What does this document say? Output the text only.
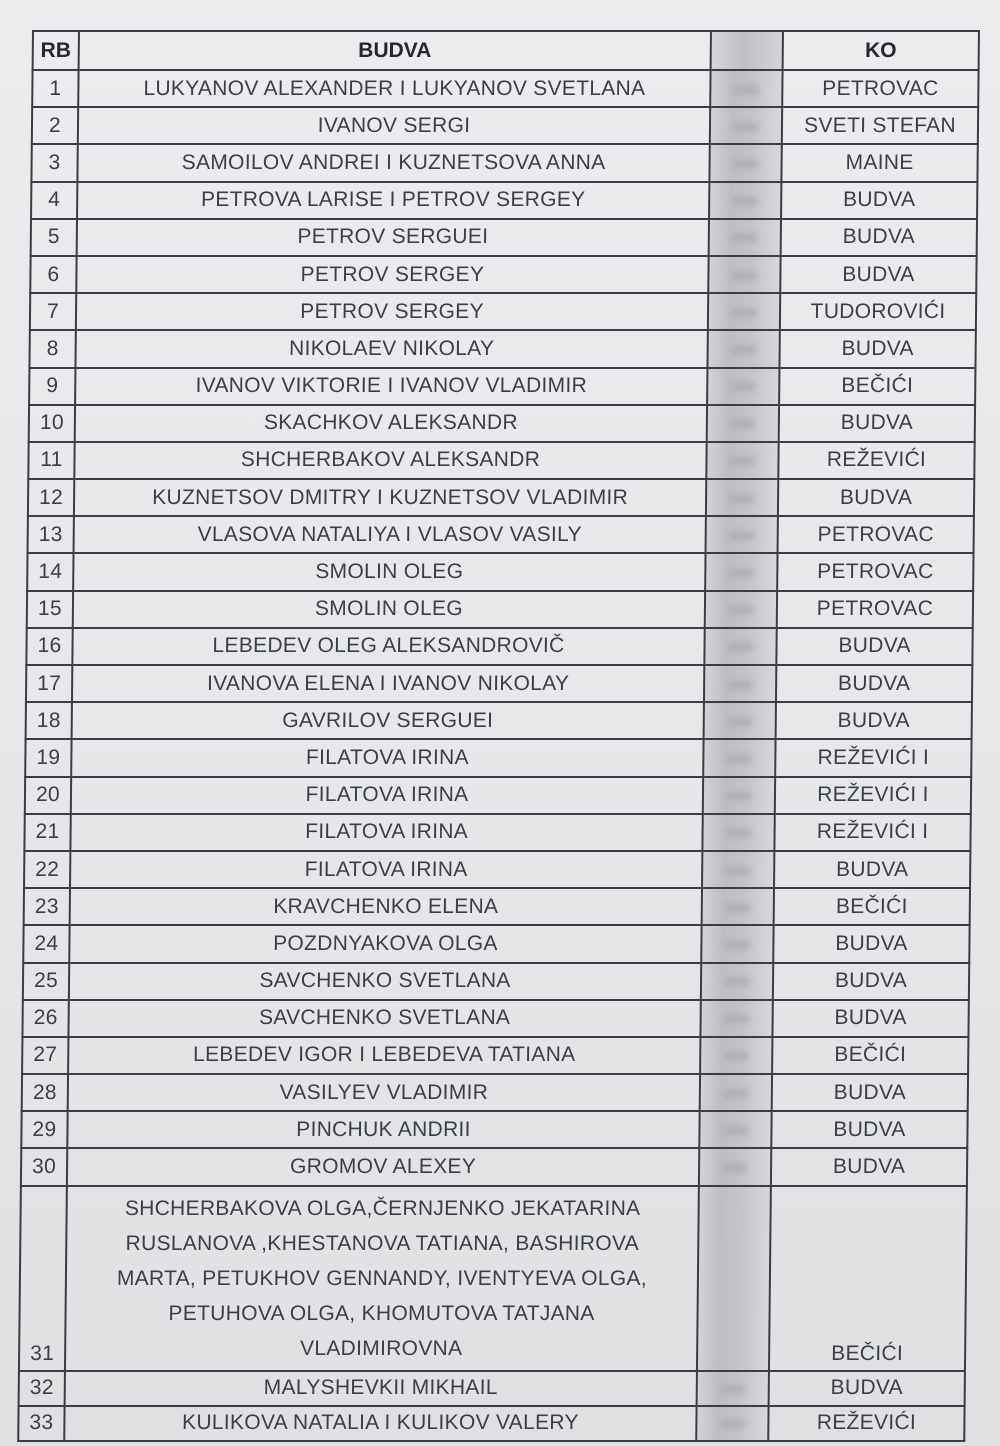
RB	BUDVA		KO
1	LUKYANOV ALEXANDER I LUKYANOV SVETLANA		PETROVAC
2	IVANOV SERGI		SVETI STEFAN
3	SAMOILOV ANDREI I KUZNETSOVA ANNA		MAINE
4	PETROVA LARISE I PETROV SERGEY		BUDVA
5	PETROV SERGUEI		BUDVA
6	PETROV SERGEY		BUDVA
7	PETROV SERGEY		TUDOROVIĆI
8	NIKOLAEV NIKOLAY		BUDVA
9	IVANOV VIKTORIE I IVANOV VLADIMIR		BEČIĆI
10	SKACHKOV ALEKSANDR		BUDVA
11	SHCHERBAKOV ALEKSANDR		REŽEVIĆI
12	KUZNETSOV DMITRY I KUZNETSOV VLADIMIR		BUDVA
13	VLASOVA NATALIYA I VLASOV VASILY		PETROVAC
14	SMOLIN OLEG		PETROVAC
15	SMOLIN OLEG		PETROVAC
16	LEBEDEV OLEG ALEKSANDROVIČ		BUDVA
17	IVANOVA ELENA I IVANOV NIKOLAY		BUDVA
18	GAVRILOV SERGUEI		BUDVA
19	FILATOVA IRINA		REŽEVIĆI I
20	FILATOVA IRINA		REŽEVIĆI I
21	FILATOVA IRINA		REŽEVIĆI I
22	FILATOVA IRINA		BUDVA
23	KRAVCHENKO ELENA		BEČIĆI
24	POZDNYAKOVA OLGA		BUDVA
25	SAVCHENKO SVETLANA		BUDVA
26	SAVCHENKO SVETLANA		BUDVA
27	LEBEDEV IGOR I LEBEDEVA TATIANA		BEČIĆI
28	VASILYEV VLADIMIR		BUDVA
29	PINCHUK ANDRII		BUDVA
30	GROMOV ALEXEY		BUDVA
31	SHCHERBAKOVA OLGA,ČERNJENKO JEKATARINA
RUSLANOVA ,KHESTANOVA TATIANA, BASHIROVA
MARTA, PETUKHOV GENNANDY, IVENTYEVA OLGA,
PETUHOVA OLGA, KHOMUTOVA TATJANA
VLADIMIROVNA		BEČIĆI
32	MALYSHEVKII MIKHAIL		BUDVA
33	KULIKOVA NATALIA I KULIKOV VALERY		REŽEVIĆI
